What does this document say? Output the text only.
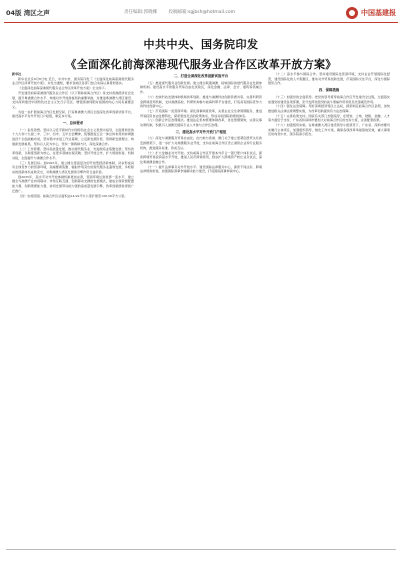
04版 湾区之声	责任编辑:郭晓娜	投稿邮箱:sgjbsh@hotmail.com	中国基建报
中共中央、国务院印发
《全面深化前海深港现代服务业合作区改革开放方案》

新华社

新华社北京9月6日电 近日，中共中央、国务院印发了《全面深化前海深港现代服务业合作区改革开放方案》，并发出通知，要求各地区各部门结合实际认真贯彻落实。

《全面深化前海深港现代服务业合作区改革开放方案》全文如下。

开发建设前海深港现代服务业合作区（以下简称前海合作区）是支持香港经济社会发展、提升粤港澳合作水平、构建对外开放新格局的重要举措，对推进粤港澳大湾区建设、支持深圳建设中国特色社会主义先行示范区、增强香港同胞对祖国的向心力具有重要意义。

为进一步扩展前海合作区发展空间，打造粤港澳大湾区全面深化改革创新试验平台，建设高水平对外开放门户枢纽，制定本方案。

一、总体要求

（一）指导思想。坚持以习近平新时代中国特色社会主义思想为指导，全面贯彻党的十九大和十九届二中、三中、四中、五中全会精神，统筹推进五位一体总体布局和协调推进四个全面战略布局，坚持稳中求进工作总基调，立足新发展阶段、贯彻新发展理念、构建新发展格局，坚持以人民为中心，坚持一国两制方针，深化深港合作。

（二）工作原理。坚持高质量发展，推动现代服务业、先进制造业集聚发展；坚持改革创新，以制度创新为核心，在更多领域实现突破；坚持开放合作，扩大规则衔接、机制对接，全面提升与港澳合作水平。

（三）发展目标。到2025年，建立健全更高层次的开放型经济新体制，初步形成具有全球竞争力的营商环境，高端要素集聚、辐射作用突出的现代服务业蓬勃发展，多轮驱动的创新体系成效突出，对粤港澳大湾区发展的引擎作用日益彰显。

到2035年，高水平对外开放体制机制更加完善，营商环境达到世界一流水平，建立健全与港澳产业协同联动、市场互联互通、创新驱动支撑的发展模式，建成全球资源配置能力强、创新策源能力强、协同发展带动能力强的高质量发展引擎，改革创新经验得到广泛推广。

（四）实施范围。前海合作区总面积由14.92平方公里扩展至120.56平方公里。

二、打造全面深化改革创新试验平台

（五）推进现代服务业创新发展。建立健全联通港澳、接轨国际的现代服务业发展体制机制。建设高水平的服务贸易自由化试验区，深化金融、法律、会计、建筑等领域合作。

（六）加快科技发展体制机制改革创新。推进与港澳科技创新资源共享，完善科研资金跨境使用机制，支持港澳高校、科研机构参与前海科研平台建设，打造具有国际竞争力的科技创新中心。

（七）打造国际一流营商环境。深化商事制度改革，完善企业全生命周期服务，推进贸易投资自由化便利化，探索更加灵活的政策体系，形成对标国际的规则体系。

（八）创新合作区治理模式。推进法定机构管理体制改革，优化管理架构，完善议事决策机制，积极引入港澳及国际专业人才参与合作区治理。

三、建设高水平对外开放门户枢纽

（九）深化与港澳服务贸易自由化。在内地与香港、澳门关于建立更紧密经贸关系的安排框架下，进一步扩大对港澳服务业开放，支持在前海合作区设立港资企业和专业服务机构，推进服务标准、资质互认。

（十）扩大金融业对外开放。支持前海合作区开展本外币合一银行账户体系试点，探索跨境贸易投资高水平开放，推进人民币跨境使用，稳步扩大跨境资产转让业务试点，深化粤港澳金融合作。

（十一）提升法律事务对外开放水平。建设国际法律服务中心，探索不同法系、跨境法律规则衔接，加强国际商事争端解决能力建设，打造国际商事仲裁中心。

（十二）高水平参与国际合作。坚持建设国际化营商环境，支持企业开展国际化经营，建设国际化的人才集聚区，推动对外贸易创新发展，打造国际交往平台，深化与国际组织合作。

四、保障措施

（十三）加强党的全面领导。把党的领导贯穿前海合作区开发建设全过程，全面落实加强党的建设各项部署，充分发挥党组织的战斗堡垒作用和党员先锋模范作用。

（十四）强化法治保障。用好深圳经济特区立法权，探索制定前海合作区条例，加快推进相关法律法规调整实施，为改革创新提供有力法治保障。

（十五）完善政策支持。国家有关部门加强指导，在规划、土地、财税、金融、人才等方面给予支持，广东省和深圳市要加大对前海合作区的支持力度，完善配套政策。

（十六）加强组织实施。在粤港澳大湾区建设领导小组领导下，广东省、深圳市要切实履行主体责任，加强组织领导，细化工作方案，确保各项改革举措落地见效，重大事项及时向党中央、国务院请示报告。
